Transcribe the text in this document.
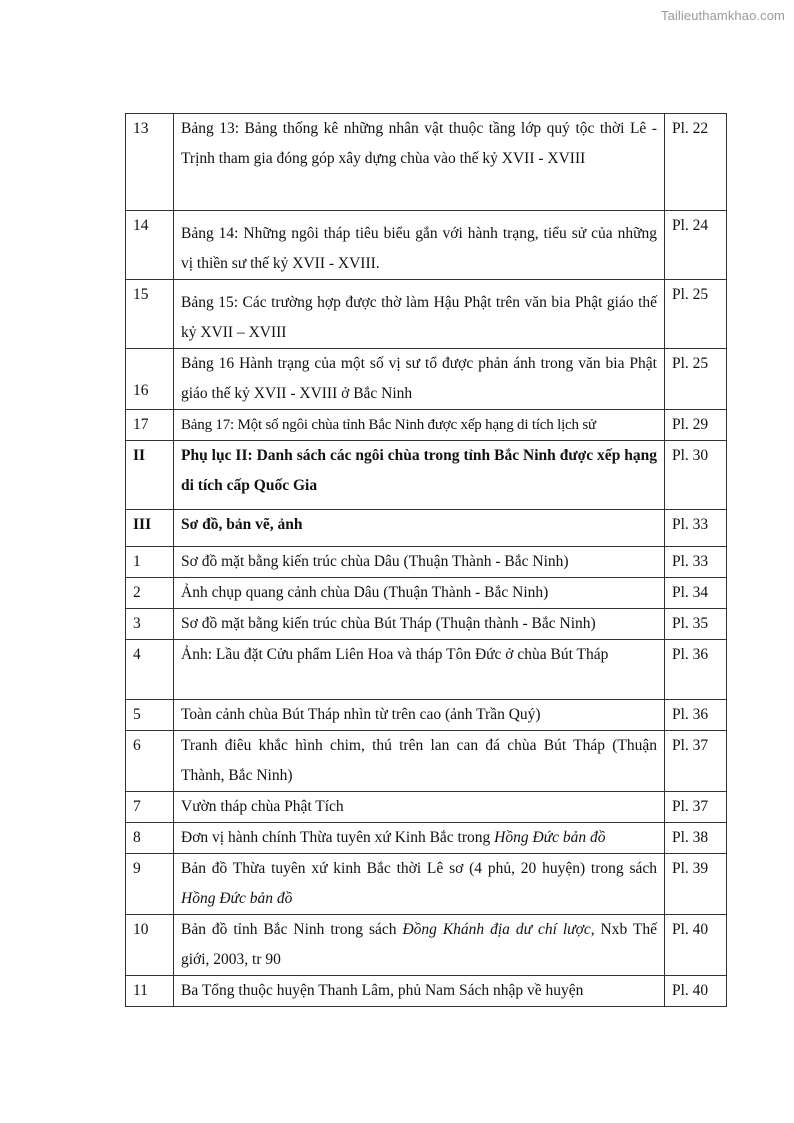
Tailieuthamkhao.com
13	Bảng 13: Bảng thống kê những nhân vật thuộc tầng lớp quý tộc thời Lê - Trịnh tham gia đóng góp xây dựng chùa vào thế kỷ XVII - XVIII	Pl. 22
14	Bảng 14: Những ngôi tháp tiêu biểu gắn với hành trạng, tiểu sử của những vị thiền sư thế kỷ XVII - XVIII.	Pl. 24
15	Bảng 15: Các trường hợp được thờ làm Hậu Phật trên văn bia Phật giáo thế kỷ XVII – XVIII	Pl. 25
16	Bảng 16 Hành trạng của một số vị sư tổ được phản ánh trong văn bia Phật giáo thế kỷ XVII - XVIII ở Bắc Ninh	Pl. 25
17	Bảng 17: Một số ngôi chùa tỉnh Bắc Ninh được xếp hạng di tích lịch sử	Pl. 29
II	Phụ lục II: Danh sách các ngôi chùa trong tỉnh Bắc Ninh được xếp hạng di tích cấp Quốc Gia	Pl. 30
III	Sơ đồ, bản vẽ, ảnh	Pl. 33
1	Sơ đồ mặt bằng kiến trúc chùa Dâu (Thuận Thành - Bắc Ninh)	Pl. 33
2	Ảnh chụp quang cảnh chùa Dâu (Thuận Thành - Bắc Ninh)	Pl. 34
3	Sơ đồ mặt bằng kiến trúc chùa Bút Tháp (Thuận thành - Bắc Ninh)	Pl. 35
4	Ảnh: Lầu đặt Cửu phẩm Liên Hoa và tháp Tôn Đức ở chùa Bút Tháp	Pl. 36
5	Toàn cảnh chùa Bút Tháp nhìn từ trên cao (ảnh Trần Quý)	Pl. 36
6	Tranh điêu khắc hình chim, thú trên lan can đá chùa Bút Tháp (Thuận Thành, Bắc Ninh)	Pl. 37
7	Vườn tháp chùa Phật Tích	Pl. 37
8	Đơn vị hành chính Thừa tuyên xứ Kinh Bắc trong Hồng Đức bản đồ	Pl. 38
9	Bản đồ Thừa tuyên xứ kinh Bắc thời Lê sơ (4 phủ, 20 huyện) trong sách Hồng Đức bản đồ	Pl. 39
10	Bản đồ tỉnh Bắc Ninh trong sách Đồng Khánh địa dư chí lược, Nxb Thế giới, 2003, tr 90	Pl. 40
11	Ba Tổng thuộc huyện Thanh Lâm, phủ Nam Sách nhập về huyện	Pl. 40
